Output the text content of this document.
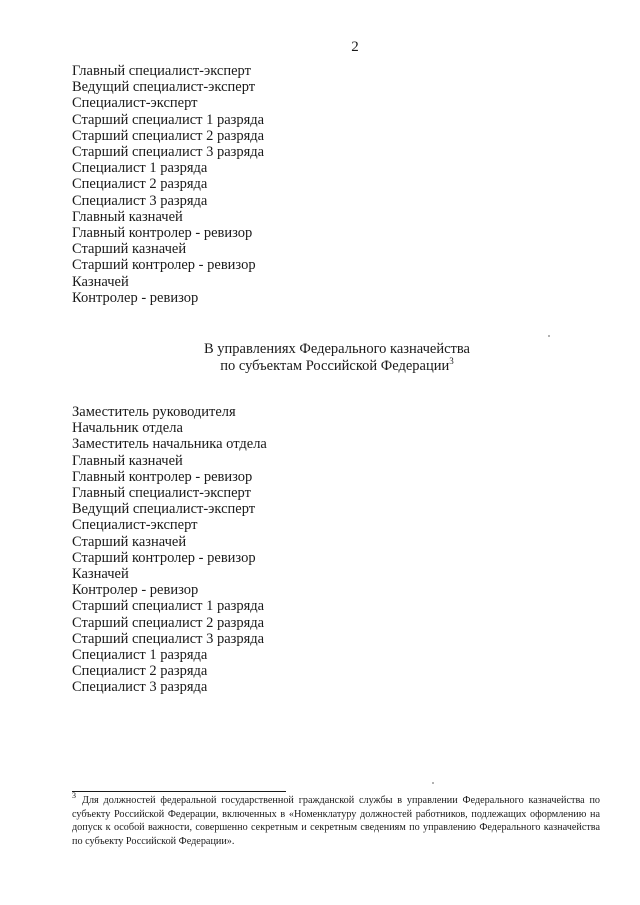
2
Главный специалист-эксперт
Ведущий специалист-эксперт
Специалист-эксперт
Старший специалист 1 разряда
Старший специалист 2 разряда
Старший специалист 3 разряда
Специалист 1 разряда
Специалист 2 разряда
Специалист 3 разряда
Главный казначей
Главный контролер - ревизор
Старший казначей
Старший контролер - ревизор
Казначей
Контролер - ревизор
В управлениях Федерального казначейства
по субъектам Российской Федерации$^3$
Заместитель руководителя
Начальник отдела
Заместитель начальника отдела
Главный казначей
Главный контролер - ревизор
Главный специалист-эксперт
Ведущий специалист-эксперт
Специалист-эксперт
Старший казначей
Старший контролер - ревизор
Казначей
Контролер - ревизор
Старший специалист 1 разряда
Старший специалист 2 разряда
Старший специалист 3 разряда
Специалист 1 разряда
Специалист 2 разряда
Специалист 3 разряда
$^3$ Для должностей федеральной государственной гражданской службы в управлении Федерального казначейства по субъекту Российской Федерации, включенных в «Номенклатуру должностей работников, подлежащих оформлению на допуск к особой важности, совершенно секретным и секретным сведениям по управлению Федерального казначейства по субъекту Российской Федерации».
